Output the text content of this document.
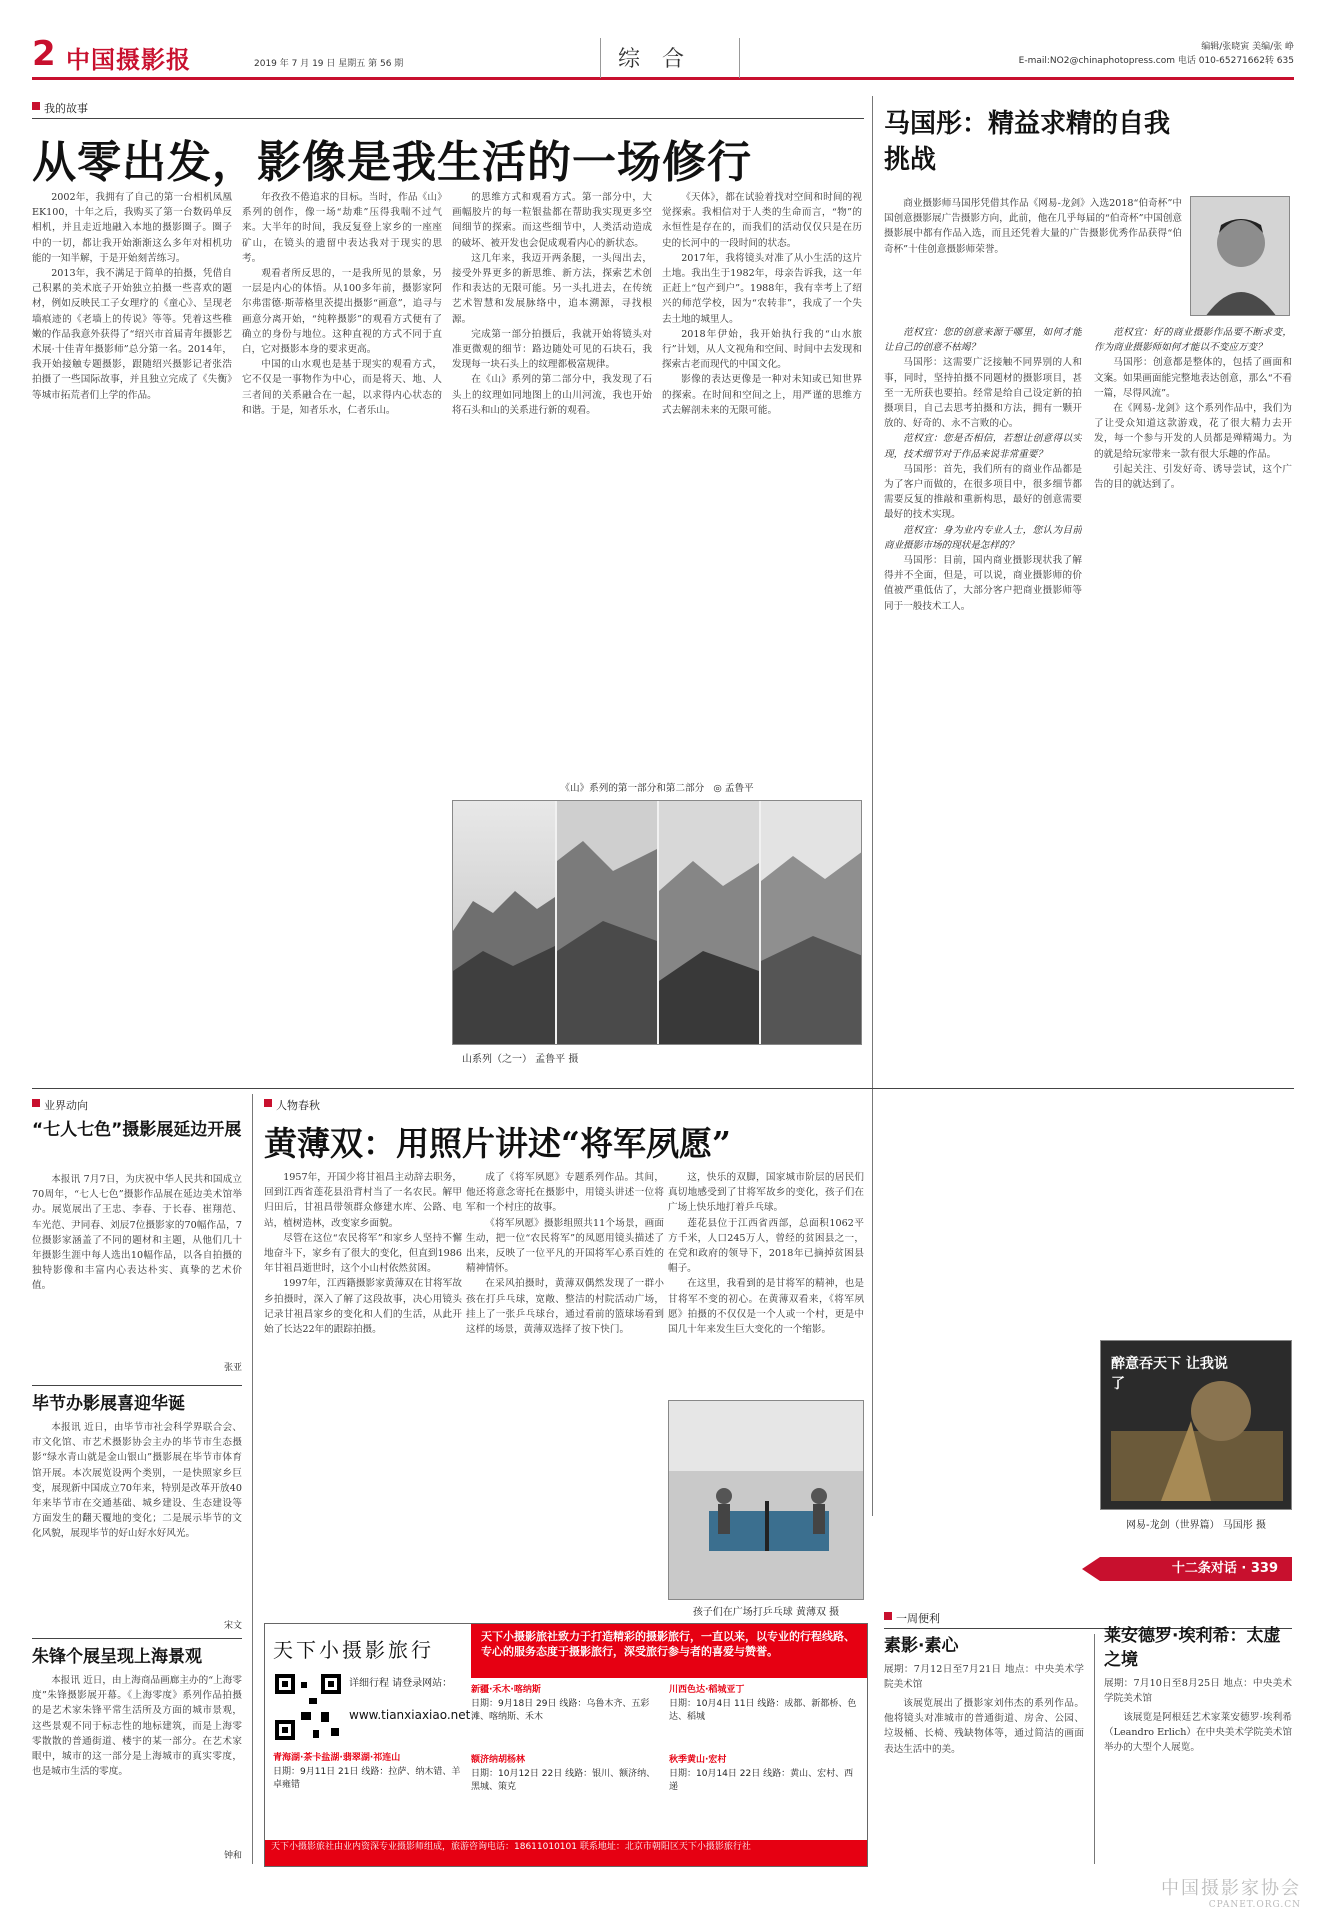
2 中国摄影报	2019 年 7 月 19 日 星期五 第 56 期	综合	编辑/张晓寅 美编/张 峥
E-mail:NO2@chinaphotopress.com 电话 010-65271662转 635
我的故事
从零出发，影像是我生活的一场修行

2002年，我拥有了自己的第一台相机凤凰EK100，十年之后，我购买了第一台数码单反相机，并且走近地融入本地的摄影圈子。圈子中的一切，都让我开始渐渐这么多年对相机功能的一知半解，于是开始刻苦练习。

2013年，我不满足于简单的拍摄，凭借自己积累的美术底子开始独立拍摄一些喜欢的题材，例如反映民工子女理疗的《童心》、呈现老墙痕迹的《老墙上的传说》等等。凭着这些稚嫩的作品我意外获得了“绍兴市首届青年摄影艺术展·十佳青年摄影师”总分第一名。2014年，我开始接触专题摄影，跟随绍兴摄影记者张浩拍摄了一些国际故事，并且独立完成了《失衡》等城市拓荒者们上学的作品。

年孜孜不倦追求的目标。当时，作品《山》系列的创作，像一场“劫难”压得我喘不过气来。大半年的时间，我反复登上家乡的一座座矿山，在镜头的遗留中表达我对于现实的思考。

观看者所反思的，一是我所见的景象，另一层是内心的体悟。从100多年前，摄影家阿尔弗雷德·斯蒂格里茨提出摄影“画意”，追寻与画意分离开始，“纯粹摄影”的观看方式便有了确立的身份与地位。这种直视的方式不同于直白，它对摄影本身的要求更高。

中国的山水观也是基于现实的观看方式，它不仅是一事物作为中心，而是将天、地、人三者间的关系融合在一起，以求得内心状态的和谐。于是，知者乐水，仁者乐山。

的思维方式和观看方式。第一部分中，大画幅胶片的每一粒银盐都在帮助我实现更多空间细节的探索。而这些细节中，人类活动造成的破坏、被开发也会促成观看内心的新状态。

这几年来，我迈开两条腿，一头闯出去，接受外界更多的新思维、新方法，探索艺术创作和表达的无限可能。另一头扎进去，在传统艺术智慧和发展脉络中，追本溯源，寻找根源。

完成第一部分拍摄后，我就开始将镜头对准更微观的细节：路边随处可见的石块石，我发现每一块石头上的纹理都极富规律。

在《山》系列的第二部分中，我发现了石头上的纹理如同地图上的山川河流，我也开始将石头和山的关系进行新的观看。

《天体》，都在试验着找对空间和时间的视觉探索。我相信对于人类的生命而言，“物”的永恒性是存在的，而我们的活动仅仅只是在历史的长河中的一段时间的状态。

2017年，我将镜头对准了从小生活的这片土地。我出生于1982年，母亲告诉我，这一年正赶上“包产到户”。1988年，我有幸考上了绍兴的师范学校，因为“农转非”，我成了一个失去土地的城里人。

2018年伊始，我开始执行我的“山水旅行”计划，从人文视角和空间、时间中去发现和探索古老而现代的中国文化。

影像的表达更像是一种对未知或已知世界的探索。在时间和空间之上，用严谨的思维方式去解剖未来的无限可能。

《山》系列的第一部分和第二部分 ◎ 孟鲁平
山系列（之一） 孟鲁平 摄
马国彤：精益求精的自我挑战

商业摄影师马国彤凭借其作品《网易-龙剑》入选2018“伯奇杯”中国创意摄影展广告摄影方向，此前，他在几乎每届的“伯奇杯”中国创意摄影展中都有作品入选，而且还凭着大量的广告摄影优秀作品获得“伯奇杯”十佳创意摄影师荣誉。

范权宜：您的创意来源于哪里，如何才能让自己的创意不枯竭？

马国彤：这需要广泛接触不同界别的人和事，同时，坚持拍摄不同题材的摄影项目，甚至一无所获也要拍。经常是给自己设定新的拍摄项目，自己去思考拍摄和方法，拥有一颗开放的、好奇的、永不言败的心。

范权宜：您是否相信，若想让创意得以实现，技术细节对于作品来说非常重要？

马国彤：首先，我们所有的商业作品都是为了客户而做的，在很多项目中，很多细节都需要反复的推敲和重新构思，最好的创意需要最好的技术实现。

范权宜：身为业内专业人士，您认为目前商业摄影市场的现状是怎样的？

马国彤：目前，国内商业摄影现状我了解得并不全面，但是，可以说，商业摄影师的价值被严重低估了，大部分客户把商业摄影师等同于一般技术工人。

范权宜：好的商业摄影作品要不断求变，作为商业摄影师如何才能以不变应万变？

马国彤：创意都是整体的，包括了画面和文案。如果画面能完整地表达创意，那么“不看一篇，尽得风流”。

在《网易-龙剑》这个系列作品中，我们为了让受众知道这款游戏，花了很大精力去开发，每一个参与开发的人员都是殚精竭力。为的就是给玩家带来一款有很大乐趣的作品。

引起关注、引发好奇、诱导尝试，这个广告的目的就达到了。

醉意吞天下 让我说了
网易-龙剑（世界篇） 马国彤 摄
十二条对话 · 339
业界动向
“七人七色”摄影展延边开展

本报讯 7月7日，为庆祝中华人民共和国成立70周年，“七人七色”摄影作品展在延边美术馆举办。展览展出了王忠、李春、于长春、崔翔范、车光范、尹同春、刘辰7位摄影家的70幅作品，7位摄影家涵盖了不同的题材和主题，从他们几十年摄影生涯中每人选出10幅作品，以各自拍摄的独特影像和丰富内心表达朴实、真挚的艺术价值。

张亚
毕节办影展喜迎华诞

本报讯 近日，由毕节市社会科学界联合会、市文化馆、市艺术摄影协会主办的毕节市生态摄影“绿水青山就是金山银山”摄影展在毕节市体育馆开展。本次展览设两个类别，一是快照家乡巨变，展现新中国成立70年来，特别是改革开放40年来毕节市在交通基础、城乡建设、生态建设等方面发生的翻天覆地的变化；二是展示毕节的文化风貌，展现毕节的好山好水好风光。

宋文
朱锋个展呈现上海景观

本报讯 近日，由上海商品画廊主办的“上海零度”朱锋摄影展开幕。《上海零度》系列作品拍摄的是艺术家朱锋平常生活所及方面的城市景观，这些景观不同于标志性的地标建筑，而是上海零零散散的普通街道、楼宇的某一部分。在艺术家眼中，城市的这一部分是上海城市的真实零度，也是城市生活的零度。

钟和
人物春秋
黄薄双：用照片讲述“将军夙愿”

1957年，开国少将甘祖昌主动辞去职务，回到江西省莲花县沿背村当了一名农民。解甲归田后，甘祖昌带领群众修建水库、公路、电站，植树造林，改变家乡面貌。

尽管在这位“农民将军”和家乡人坚持不懈地奋斗下，家乡有了很大的变化，但直到1986年甘祖昌逝世时，这个小山村依然贫困。

1997年，江西籍摄影家黄薄双在甘将军故乡拍摄时，深入了解了这段故事，决心用镜头记录甘祖昌家乡的变化和人们的生活，从此开始了长达22年的跟踪拍摄。

成了《将军夙愿》专题系列作品。其间，他还将意念寄托在摄影中，用镜头讲述一位将军和一个村庄的故事。

《将军夙愿》摄影组照共11个场景，画面生动，把一位“农民将军”的凤愿用镜头描述了出来，反映了一位平凡的开国将军心系百姓的精神情怀。

在采风拍摄时，黄薄双偶然发现了一群小孩在打乒乓球，宽敞、整洁的村院活动广场，挂上了一张乒乓球台，通过看前的篮球场看到这样的场景，黄薄双选择了按下快门。

这，快乐的双脚，国家城市阶层的居民们真切地感受到了甘将军故乡的变化，孩子们在广场上快乐地打着乒乓球。

莲花县位于江西省西部，总面积1062平方千米，人口245万人，曾经的贫困县之一，在党和政府的领导下，2018年已摘掉贫困县帽子。

在这里，我看到的是甘将军的精神，也是甘将军不变的初心。在黄薄双看来，《将军夙愿》拍摄的不仅仅是一个人或一个村，更是中国几十年来发生巨大变化的一个缩影。

孩子们在广场打乒乓球 黄薄双 摄
天下小摄影旅行
天下小摄影旅社致力于打造精彩的摄影旅行，一直以来，以专业的行程线路、专心的服务态度于摄影旅行，深受旅行参与者的喜爱与赞誉。
详细行程 请登录网站：
www.tianxiaxiao.net
青海湖·茶卡盐湖·翡翠湖·祁连山
日期：9月11日 21日 线路：拉萨、纳木错、羊卓雍错
新疆·禾木·喀纳斯
日期：9月18日 29日 线路：乌鲁木齐、五彩滩、喀纳斯、禾木
额济纳胡杨林
日期：10月12日 22日 线路：银川、额济纳、黑城、策克
川西色达·稻城亚丁
日期：10月4日 11日 线路：成都、新都桥、色达、稻城
秋季黄山·宏村
日期：10月14日 22日 线路：黄山、宏村、西递
天下小摄影旅社由业内资深专业摄影师组成，旅游咨询电话：18611010101 联系地址：北京市朝阳区天下小摄影旅行社
一周便利
素影·素心

展期：7月12日至7月21日 地点：中央美术学院美术馆

该展览展出了摄影家刘伟杰的系列作品。他将镜头对准城市的普通街道、房舍、公园、垃圾桶、长椅、残缺物体等，通过简洁的画面表达生活中的美。

莱安德罗·埃利希：太虚之境

展期：7月10日至8月25日 地点：中央美术学院美术馆

该展览是阿根廷艺术家莱安德罗·埃利希（Leandro Erlich）在中央美术学院美术馆举办的大型个人展览。

中国摄影家协会
CPANET.ORG.CN
